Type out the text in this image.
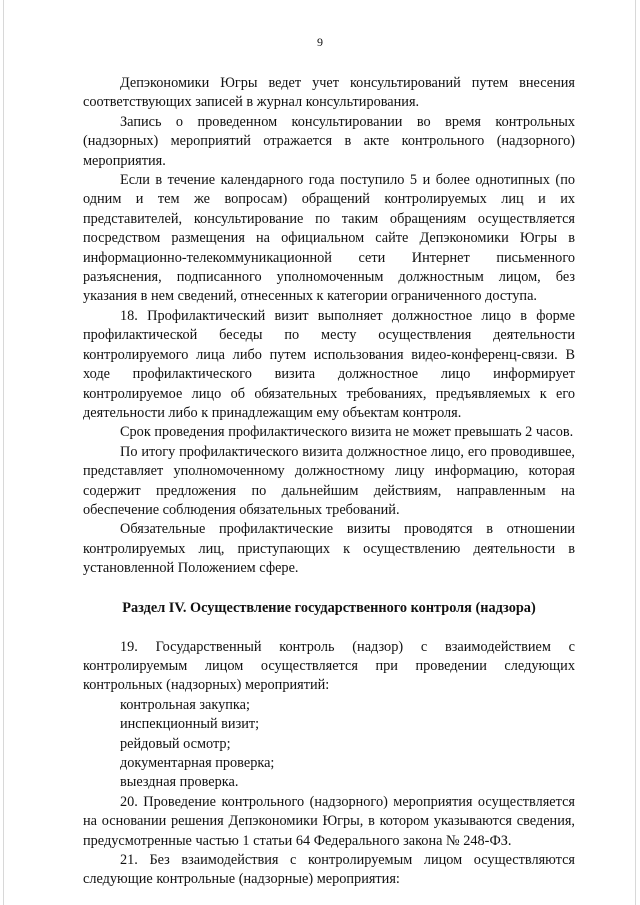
9

Депэкономики Югры ведет учет консультирований путем внесения соответствующих записей в журнал консультирования.

Запись о проведенном консультировании во время контрольных (надзорных) мероприятий отражается в акте контрольного (надзорного) мероприятия.

Если в течение календарного года поступило 5 и более однотипных (по одним и тем же вопросам) обращений контролируемых лиц и их представителей, консультирование по таким обращениям осуществляется посредством размещения на официальном сайте Депэкономики Югры в информационно-телекоммуникационной сети Интернет письменного разъяснения, подписанного уполномоченным должностным лицом, без указания в нем сведений, отнесенных к категории ограниченного доступа.

18. Профилактический визит выполняет должностное лицо в форме профилактической беседы по месту осуществления деятельности контролируемого лица либо путем использования видео-конференц-связи. В ходе профилактического визита должностное лицо информирует контролируемое лицо об обязательных требованиях, предъявляемых к его деятельности либо к принадлежащим ему объектам контроля.

Срок проведения профилактического визита не может превышать 2 часов.

По итогу профилактического визита должностное лицо, его проводившее, представляет уполномоченному должностному лицу информацию, которая содержит предложения по дальнейшим действиям, направленным на обеспечение соблюдения обязательных требований.

Обязательные профилактические визиты проводятся в отношении контролируемых лиц, приступающих к осуществлению деятельности в установленной Положением сфере.

Раздел IV. Осуществление государственного контроля (надзора)

19. Государственный контроль (надзор) с взаимодействием с контролируемым лицом осуществляется при проведении следующих контрольных (надзорных) мероприятий:

контрольная закупка;
инспекционный визит;
рейдовый осмотр;
документарная проверка;
выездная проверка.

20. Проведение контрольного (надзорного) мероприятия осуществляется на основании решения Депэкономики Югры, в котором указываются сведения, предусмотренные частью 1 статьи 64 Федерального закона № 248-ФЗ.

21. Без взаимодействия с контролируемым лицом осуществляются следующие контрольные (надзорные) мероприятия:
